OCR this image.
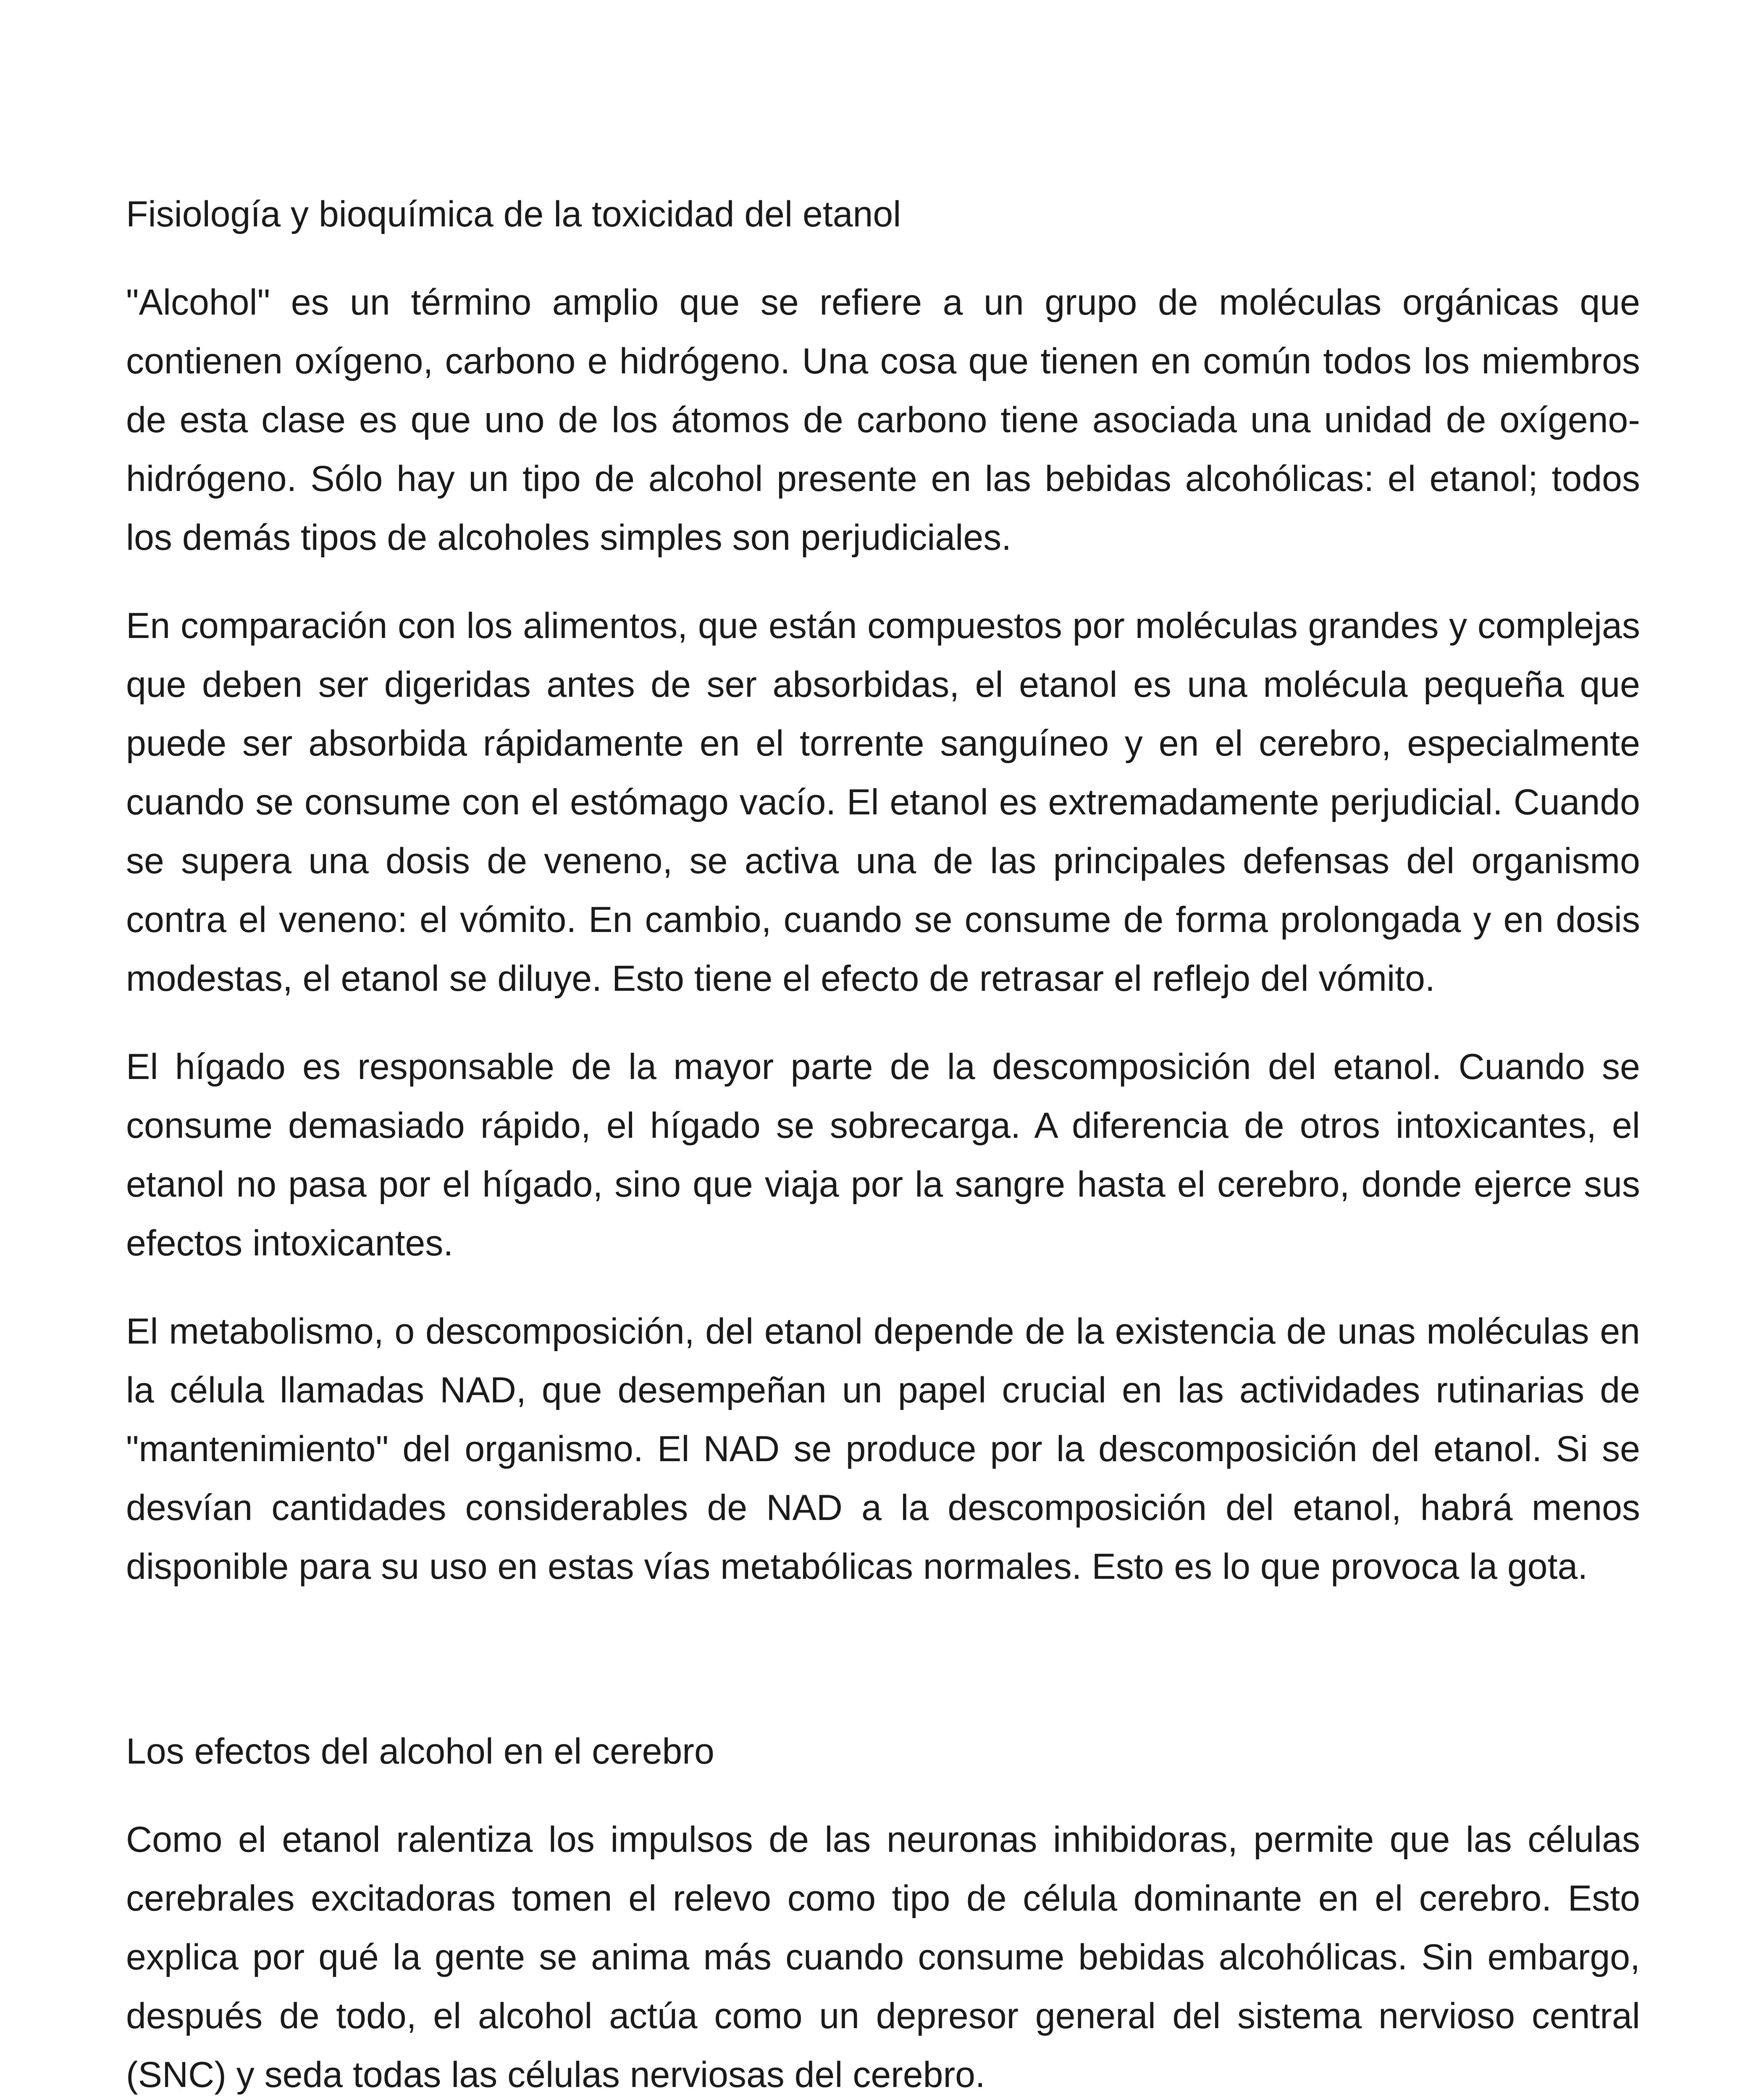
Fisiología y bioquímica de la toxicidad del etanol

"Alcohol" es un término amplio que se refiere a un grupo de moléculas orgánicas que contienen oxígeno, carbono e hidrógeno. Una cosa que tienen en común todos los miembros de esta clase es que uno de los átomos de carbono tiene asociada una unidad de oxígeno-hidrógeno. Sólo hay un tipo de alcohol presente en las bebidas alcohólicas: el etanol; todos los demás tipos de alcoholes simples son perjudiciales.

En comparación con los alimentos, que están compuestos por moléculas grandes y complejas que deben ser digeridas antes de ser absorbidas, el etanol es una molécula pequeña que puede ser absorbida rápidamente en el torrente sanguíneo y en el cerebro, especialmente cuando se consume con el estómago vacío. El etanol es extremadamente perjudicial. Cuando se supera una dosis de veneno, se activa una de las principales defensas del organismo contra el veneno: el vómito. En cambio, cuando se consume de forma prolongada y en dosis modestas, el etanol se diluye. Esto tiene el efecto de retrasar el reflejo del vómito.

El hígado es responsable de la mayor parte de la descomposición del etanol. Cuando se consume demasiado rápido, el hígado se sobrecarga. A diferencia de otros intoxicantes, el etanol no pasa por el hígado, sino que viaja por la sangre hasta el cerebro, donde ejerce sus efectos intoxicantes.

El metabolismo, o descomposición, del etanol depende de la existencia de unas moléculas en la célula llamadas NAD, que desempeñan un papel crucial en las actividades rutinarias de "mantenimiento" del organismo. El NAD se produce por la descomposición del etanol. Si se desvían cantidades considerables de NAD a la descomposición del etanol, habrá menos disponible para su uso en estas vías metabólicas normales. Esto es lo que provoca la gota.

Los efectos del alcohol en el cerebro

Como el etanol ralentiza los impulsos de las neuronas inhibidoras, permite que las células cerebrales excitadoras tomen el relevo como tipo de célula dominante en el cerebro. Esto explica por qué la gente se anima más cuando consume bebidas alcohólicas. Sin embargo, después de todo, el alcohol actúa como un depresor general del sistema nervioso central (SNC) y seda todas las células nerviosas del cerebro.
